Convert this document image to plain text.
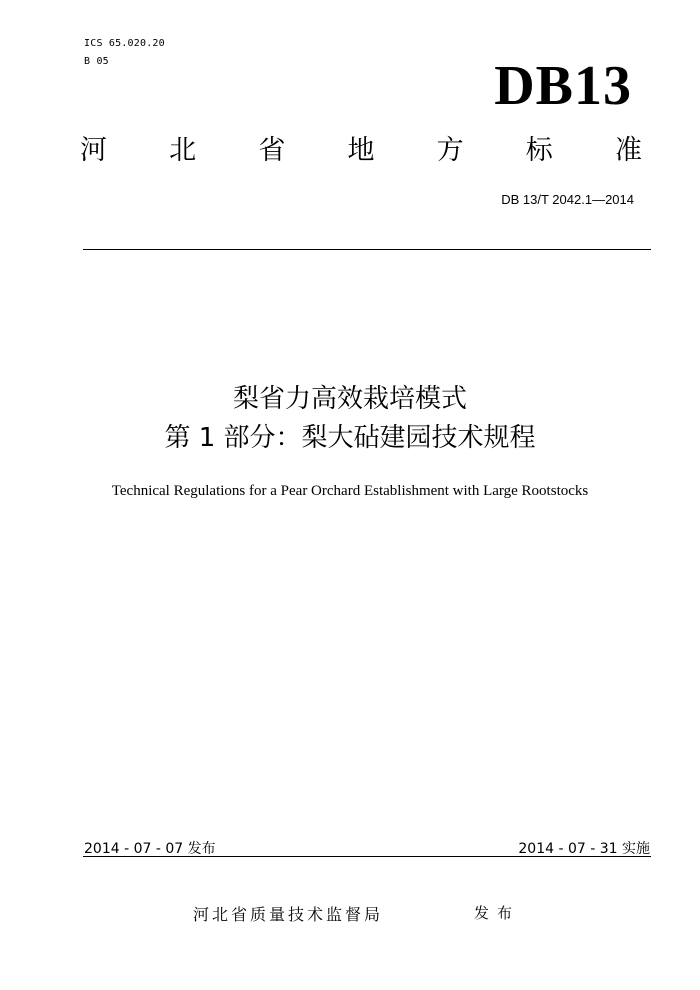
ICS 65.020.20
B 05	DB13
河 北 省 地 方 标 准
DB 13/T 2042.1—2014
梨省力高效栽培模式
第 1 部分：梨大砧建园技术规程
Technical Regulations for a Pear Orchard Establishment with Large Rootstocks
2014 - 07 - 07 发布	2014 - 07 - 31 实施
河北省质量技术监督局	发布
